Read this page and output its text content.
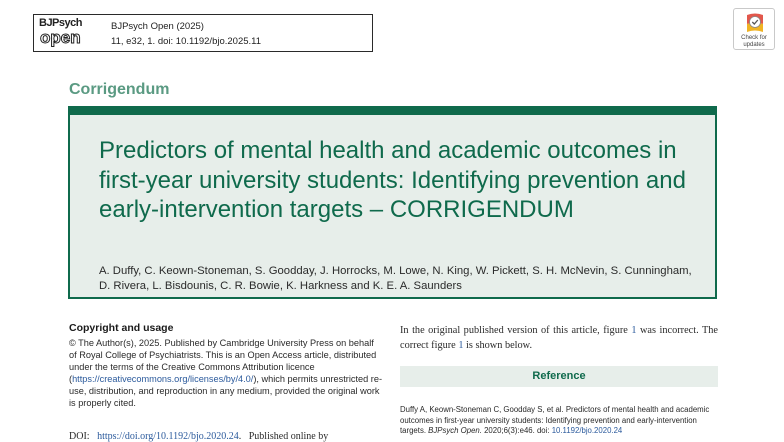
BJPsych
open
BJPsych Open (2025)
11, e32, 1. doi: 10.1192/bjo.2025.11	Check for
updates
Corrigendum
Predictors of mental health and academic outcomes in first-year university students: Identifying prevention and early-intervention targets – CORRIGENDUM
A. Duffy, C. Keown-Stoneman, S. Goodday, J. Horrocks, M. Lowe, N. King, W. Pickett, S. H. McNevin, S. Cunningham, D. Rivera, L. Bisdounis, C. R. Bowie, K. Harkness and K. E. A. Saunders
Copyright and usage

© The Author(s), 2025. Published by Cambridge University Press on behalf of Royal College of Psychiatrists. This is an Open Access article, distributed under the terms of the Creative Commons Attribution licence (https://creativecommons.org/licenses/by/4.0/), which permits unrestricted re-use, distribution, and reproduction in any medium, provided the original work is properly cited.

DOI: https://doi.org/10.1192/bjo.2020.24.   Published online by

In the original published version of this article, figure 1 was incorrect. The correct figure 1 is shown below.

Reference

Duffy A, Keown-Stoneman C, Goodday S, et al. Predictors of mental health and academic outcomes in first-year university students: Identifying prevention and early-intervention targets. BJPsych Open. 2020;6(3):e46. doi: 10.1192/bjo.2020.24
